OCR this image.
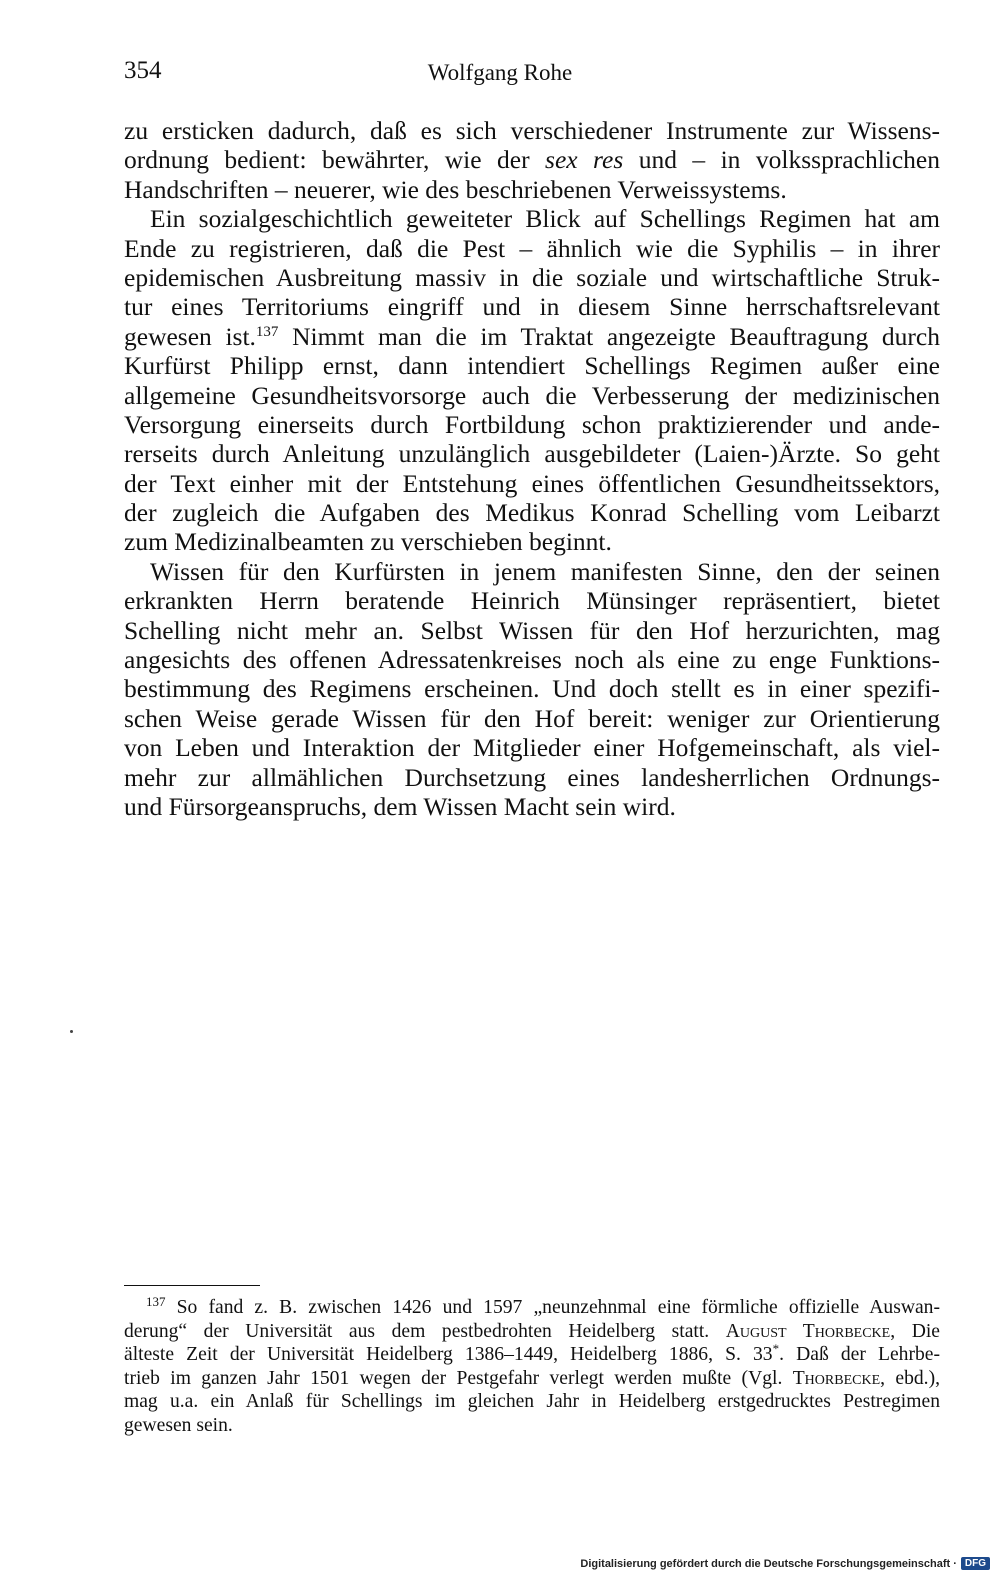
354	Wolfgang Rohe
zu ersticken dadurch, daß es sich verschiedener Instrumente zur Wissens-
ordnung bedient: bewährter, wie der sex res und – in volkssprachlichen
Handschriften – neuerer, wie des beschriebenen Verweissystems.
Ein sozialgeschichtlich geweiteter Blick auf Schellings Regimen hat am
Ende zu registrieren, daß die Pest – ähnlich wie die Syphilis – in ihrer
epidemischen Ausbreitung massiv in die soziale und wirtschaftliche Struk-
tur eines Territoriums eingriff und in diesem Sinne herrschaftsrelevant
gewesen ist.$^{137}$ Nimmt man die im Traktat angezeigte Beauftragung durch
Kurfürst Philipp ernst, dann intendiert Schellings Regimen außer eine
allgemeine Gesundheitsvorsorge auch die Verbesserung der medizinischen
Versorgung einerseits durch Fortbildung schon praktizierender und ande-
rerseits durch Anleitung unzulänglich ausgebildeter (Laien-)Ärzte. So geht
der Text einher mit der Entstehung eines öffentlichen Gesundheitssektors,
der zugleich die Aufgaben des Medikus Konrad Schelling vom Leibarzt
zum Medizinalbeamten zu verschieben beginnt.
Wissen für den Kurfürsten in jenem manifesten Sinne, den der seinen
erkrankten Herrn beratende Heinrich Münsinger repräsentiert, bietet
Schelling nicht mehr an. Selbst Wissen für den Hof herzurichten, mag
angesichts des offenen Adressatenkreises noch als eine zu enge Funktions-
bestimmung des Regimens erscheinen. Und doch stellt es in einer spezifi-
schen Weise gerade Wissen für den Hof bereit: weniger zur Orientierung
von Leben und Interaktion der Mitglieder einer Hofgemeinschaft, als viel-
mehr zur allmählichen Durchsetzung eines landesherrlichen Ordnungs-
und Fürsorgeanspruchs, dem Wissen Macht sein wird.
$^{137}$ So fand z. B. zwischen 1426 und 1597 „neunzehnmal eine förmliche offizielle Auswan-
derung“ der Universität aus dem pestbedrohten Heidelberg statt. August Thorbecke, Die
älteste Zeit der Universität Heidelberg 1386–1449, Heidelberg 1886, S. 33*. Daß der Lehrbe-
trieb im ganzen Jahr 1501 wegen der Pestgefahr verlegt werden mußte (Vgl. Thorbecke, ebd.),
mag u.a. ein Anlaß für Schellings im gleichen Jahr in Heidelberg erstgedrucktes Pestregimen
gewesen sein.
Digitalisierung gefördert durch die Deutsche Forschungsgemeinschaft · DFG
